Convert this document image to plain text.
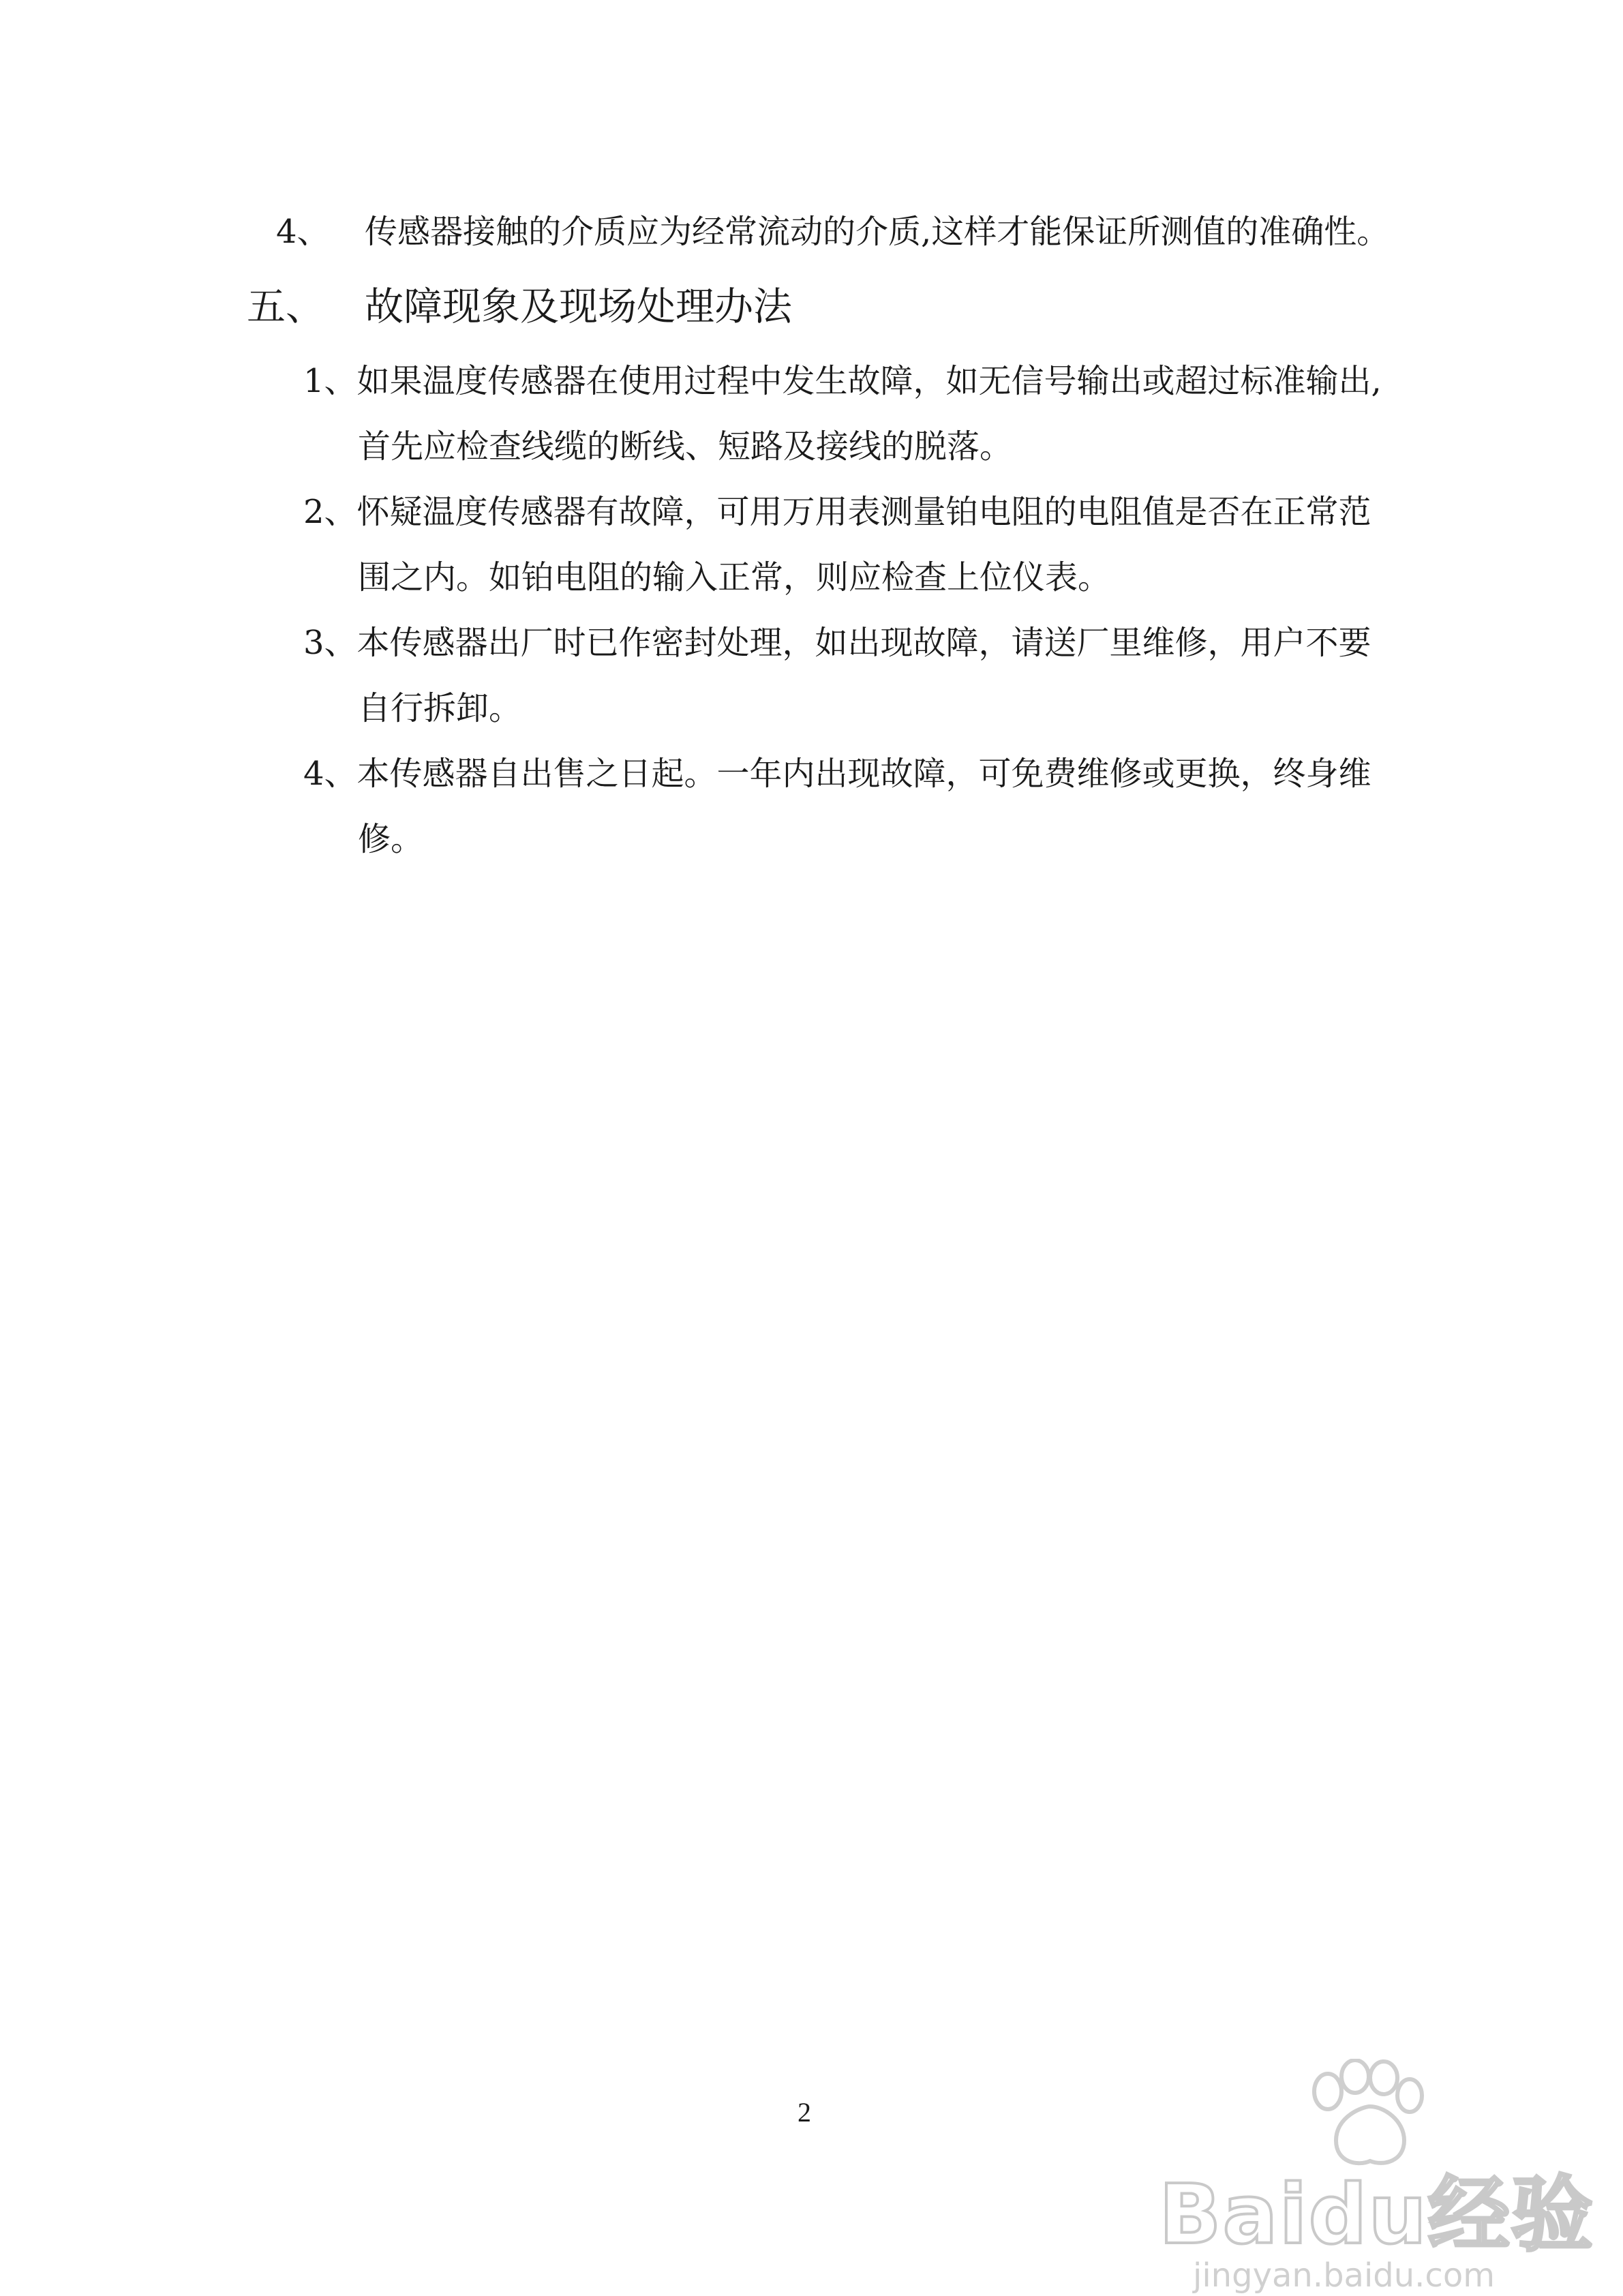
4、 传感器接触的介质应为经常流动的介质,这样才能保证所测值的准确性。
五、 故障现象及现场处理办法
1、如果温度传感器在使用过程中发生故障，如无信号输出或超过标准输出,
首先应检查线缆的断线、短路及接线的脱落。
2、怀疑温度传感器有故障，可用万用表测量铂电阻的电阻值是否在正常范
围之内。如铂电阻的输入正常，则应检查上位仪表。
3、本传感器出厂时已作密封处理，如出现故障，请送厂里维修，用户不要
自行拆卸。
4、本传感器自出售之日起。一年内出现故障，可免费维修或更换，终身维
修。
2
Baidu经验
jingyan.baidu.com
